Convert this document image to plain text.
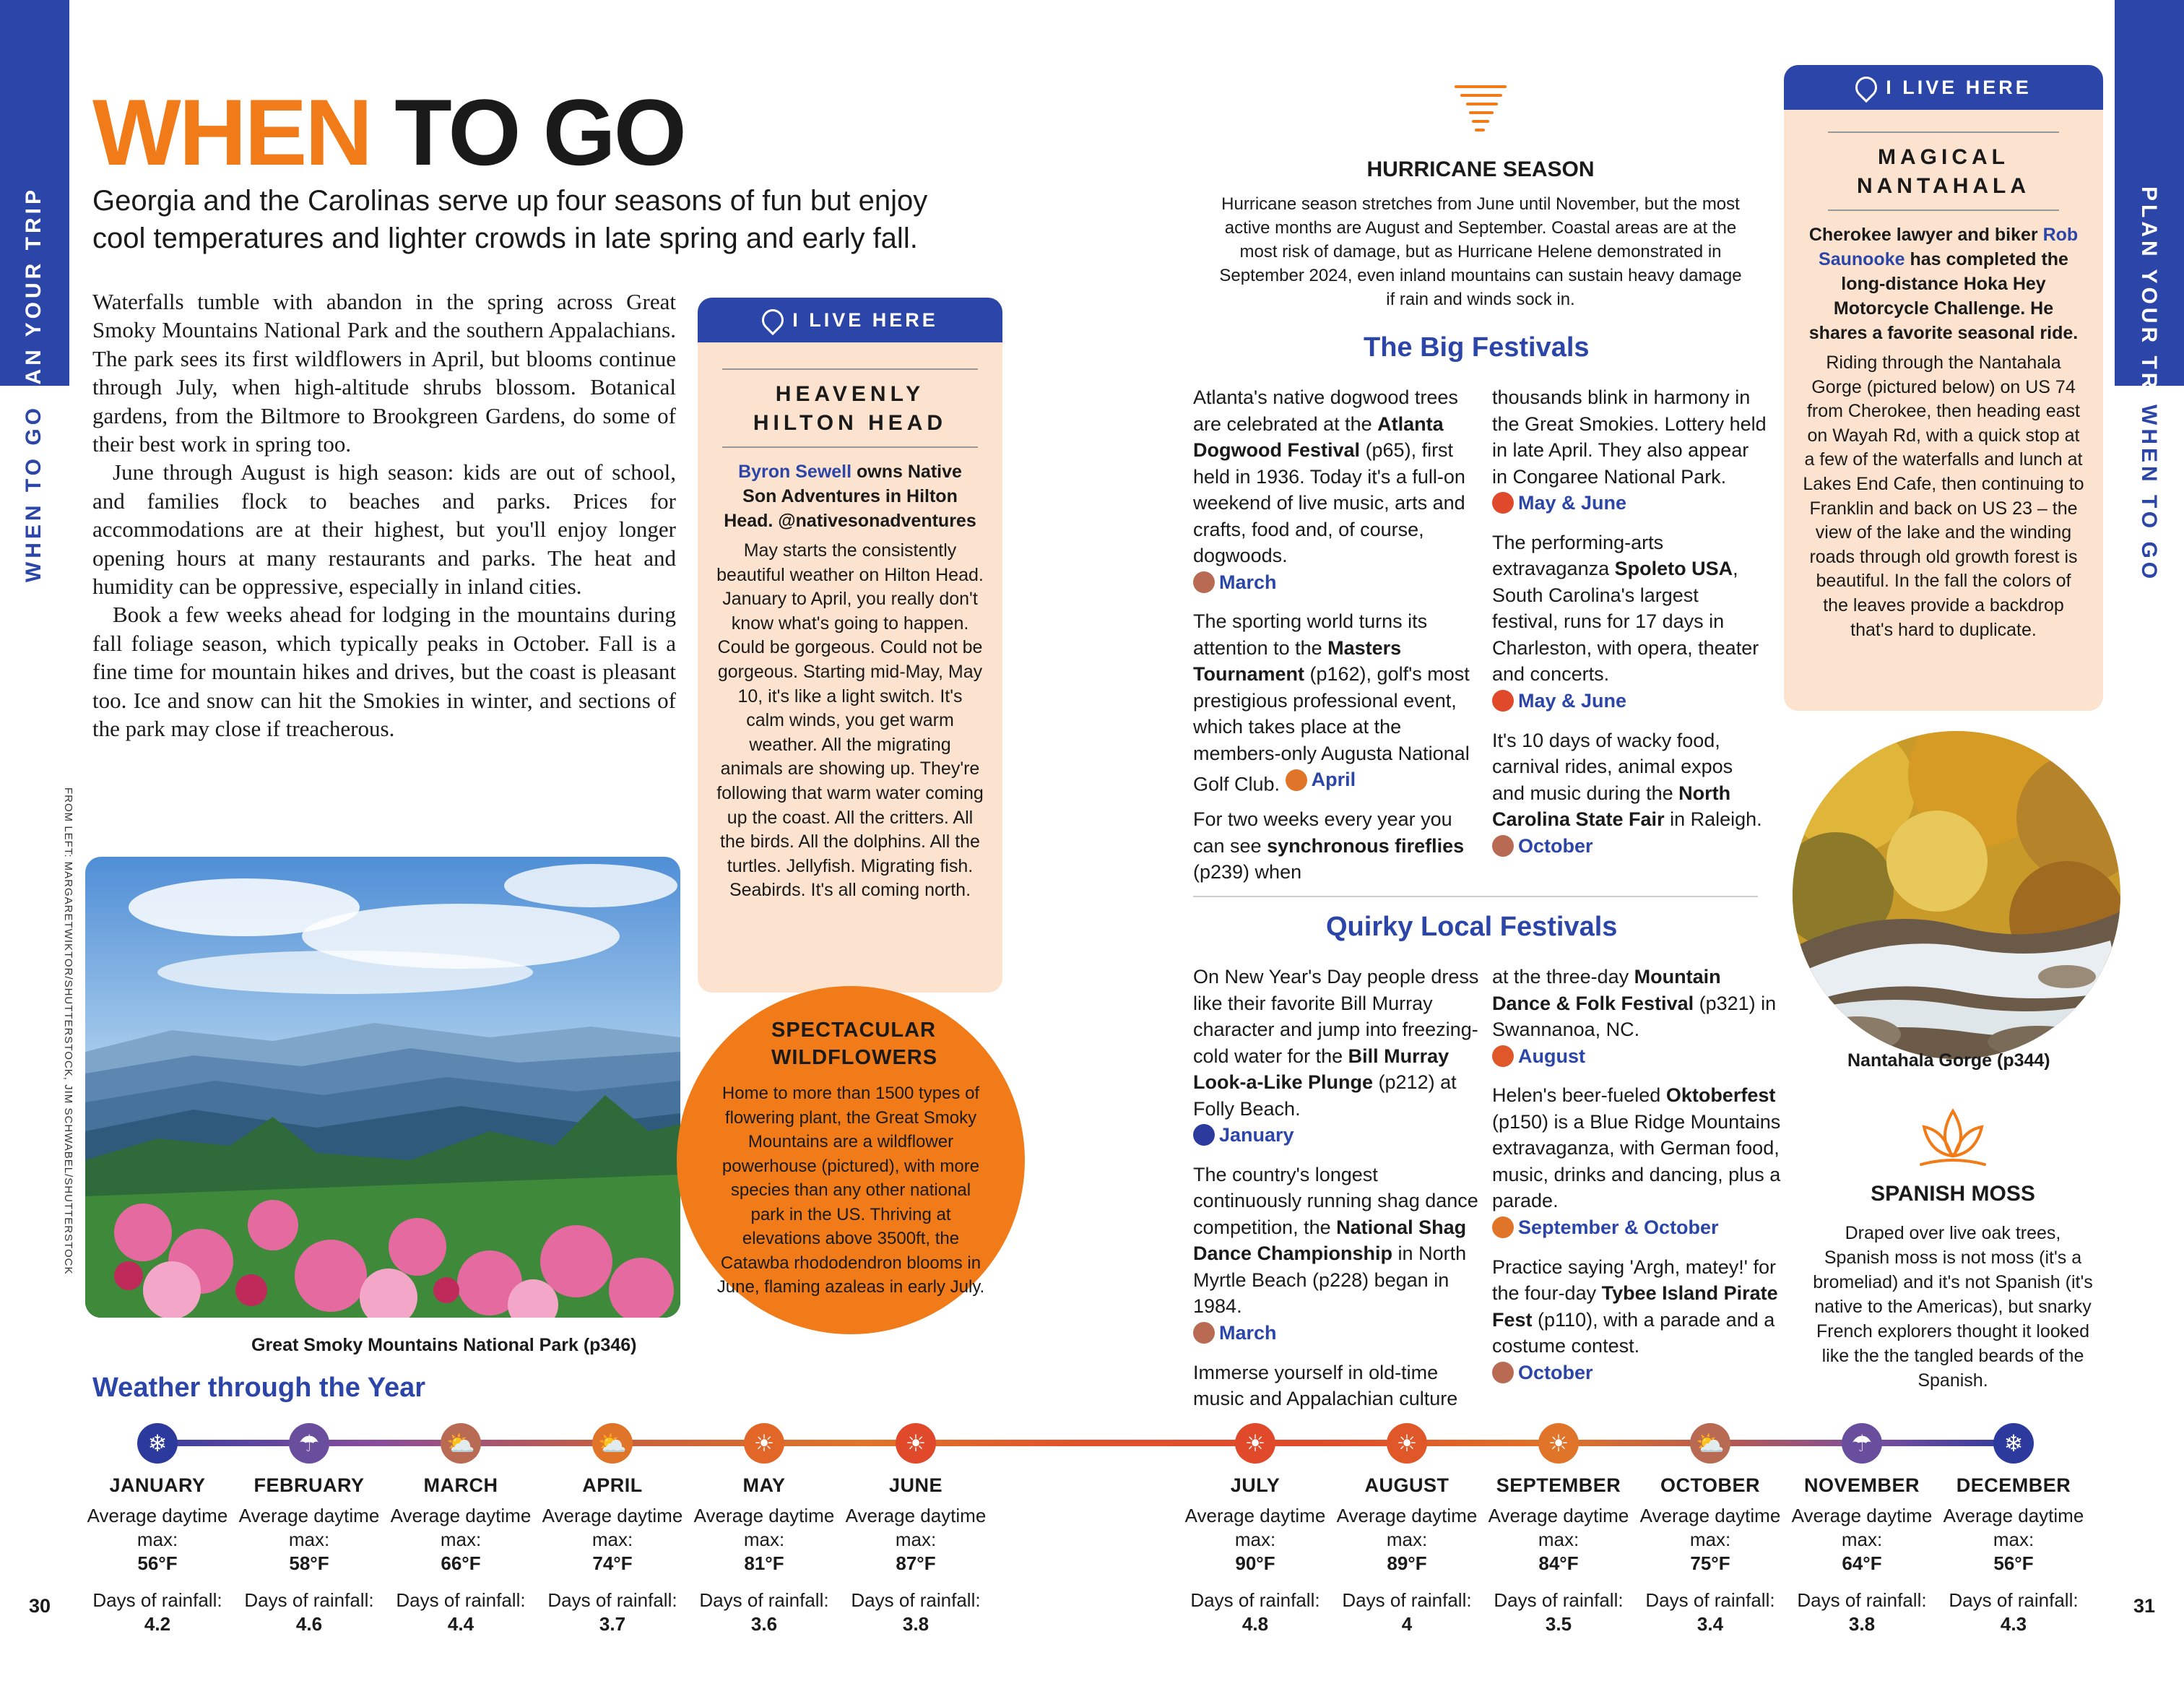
PLAN YOUR TRIP
WHEN TO GO
PLAN YOUR TRIP
WHEN TO GO
WHEN TO GO
Georgia and the Carolinas serve up four seasons of fun but enjoy cool temperatures and lighter crowds in late spring and early fall.

Waterfalls tumble with abandon in the spring across Great Smoky Mountains National Park and the southern Appalachians. The park sees its first wildflowers in April, but blooms continue through July, when high-altitude shrubs blossom. Botanical gardens, from the Biltmore to Brookgreen Gardens, do some of their best work in spring too.

June through August is high season: kids are out of school, and families flock to beaches and parks. Prices for accommodations are at their highest, but you'll enjoy longer opening hours at many restaurants and parks. The heat and humidity can be oppressive, especially in inland cities.

Book a few weeks ahead for lodging in the mountains during fall foliage season, which typically peaks in October. Fall is a fine time for mountain hikes and drives, but the coast is pleasant too. Ice and snow can hit the Smokies in winter, and sections of the park may close if treacherous.

FROM LEFT: MARGARETWIKTOR/SHUTTERSTOCK, JIM SCHWABEL/SHUTTERSTOCK
Great Smoky Mountains National Park (p346)
I LIVE HERE
HEAVENLY HILTON HEAD
Byron Sewell owns Native Son Adventures in Hilton Head. @nativesonadventures
May starts the consistently beautiful weather on Hilton Head. January to April, you really don't know what's going to happen. Could be gorgeous. Could not be gorgeous. Starting mid-May, May 10, it's like a light switch. It's calm winds, you get warm weather. All the migrating animals are showing up. They're following that warm water coming up the coast. All the critters. All the birds. All the dolphins. All the turtles. Jellyfish. Migrating fish. Seabirds. It's all coming north.
SPECTACULAR WILDFLOWERS
Home to more than 1500 types of flowering plant, the Great Smoky Mountains are a wildflower powerhouse (pictured), with more species than any other national park in the US. Thriving at elevations above 3500ft, the Catawba rhododendron blooms in June, flaming azaleas in early July.
HURRICANE SEASON
Hurricane season stretches from June until November, but the most active months are August and September. Coastal areas are at the most risk of damage, but as Hurricane Helene demonstrated in September 2024, even inland mountains can sustain heavy damage if rain and winds sock in.
The Big Festivals

Atlanta's native dogwood trees are celebrated at the Atlanta Dogwood Festival (p65), first held in 1936. Today it's a full-on weekend of live music, arts and crafts, food and, of course, dogwoods.

March

The sporting world turns its attention to the Masters Tournament (p162), golf's most prestigious professional event, which takes place at the members-only Augusta National Golf Club. April

For two weeks every year you can see synchronous fireflies (p239) when

thousands blink in harmony in the Great Smokies. Lottery held in late April. They also appear in Congaree National Park.
May & June

The performing-arts extravaganza Spoleto USA, South Carolina's largest festival, runs for 17 days in Charleston, with opera, theater and concerts.

May & June

It's 10 days of wacky food, carnival rides, animal expos and music during the North Carolina State Fair in Raleigh.
October

Quirky Local Festivals

On New Year's Day people dress like their favorite Bill Murray character and jump into freezing-cold water for the Bill Murray Look-a-Like Plunge (p212) at Folly Beach.

January

The country's longest continuously running shag dance competition, the National Shag Dance Championship in North Myrtle Beach (p228) began in 1984.

March

Immerse yourself in old-time music and Appalachian culture

at the three-day Mountain Dance & Folk Festival (p321) in Swannanoa, NC.

August

Helen's beer-fueled Oktoberfest (p150) is a Blue Ridge Mountains extravaganza, with German food, music, drinks and dancing, plus a parade.

September & October

Practice saying 'Argh, matey!' for the four-day Tybee Island Pirate Fest (p110), with a parade and a costume contest.

October

I LIVE HERE
MAGICAL NANTAHALA
Cherokee lawyer and biker Rob Saunooke has completed the long-distance Hoka Hey Motorcycle Challenge. He shares a favorite seasonal ride.
Riding through the Nantahala Gorge (pictured below) on US 74 from Cherokee, then heading east on Wayah Rd, with a quick stop at a few of the waterfalls and lunch at Lakes End Cafe, then continuing to Franklin and back on US 23 – the view of the lake and the winding roads through old growth forest is beautiful. In the fall the colors of the leaves provide a backdrop that's hard to duplicate.
Nantahala Gorge (p344)
SPANISH MOSS
Draped over live oak trees, Spanish moss is not moss (it's a bromeliad) and it's not Spanish (it's native to the Americas), but snarky French explorers thought it looked like the the tangled beards of the Spanish.
Weather through the Year
❄
JANUARY
Average daytime max:
56°F
Days of rainfall:
4.2
☂
FEBRUARY
Average daytime max:
58°F
Days of rainfall:
4.6
⛅
MARCH
Average daytime max:
66°F
Days of rainfall:
4.4
⛅
APRIL
Average daytime max:
74°F
Days of rainfall:
3.7
☀
MAY
Average daytime max:
81°F
Days of rainfall:
3.6
☀
JUNE
Average daytime max:
87°F
Days of rainfall:
3.8
☀
JULY
Average daytime max:
90°F
Days of rainfall:
4.8
☀
AUGUST
Average daytime max:
89°F
Days of rainfall:
4
☀
SEPTEMBER
Average daytime max:
84°F
Days of rainfall:
3.5
⛅
OCTOBER
Average daytime max:
75°F
Days of rainfall:
3.4
☂
NOVEMBER
Average daytime max:
64°F
Days of rainfall:
3.8
❄
DECEMBER
Average daytime max:
56°F
Days of rainfall:
4.3
30	31
